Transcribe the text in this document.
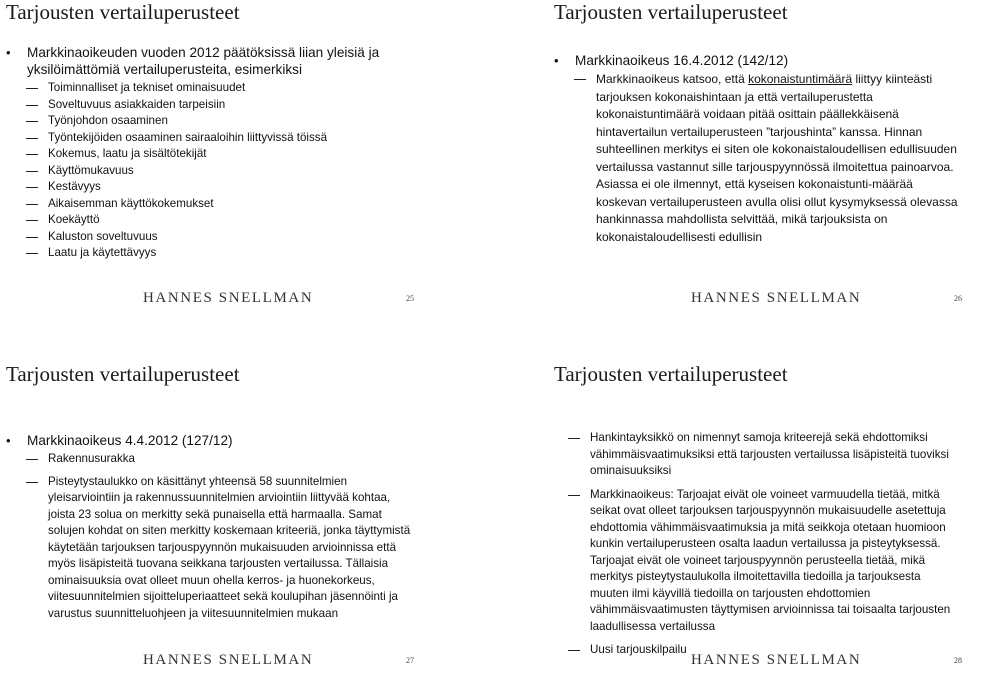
Tarjousten vertailuperusteet
• Markkinaoikeuden vuoden 2012 päätöksissä liian yleisiä ja yksilöimättömiä vertailuperusteita, esimerkiksi
Toiminnalliset ja tekniset ominaisuudet
Soveltuvuus asiakkaiden tarpeisiin
Työnjohdon osaaminen
Työntekijöiden osaaminen sairaaloihin liittyvissä töissä
Kokemus, laatu ja sisältötekijät
Käyttömukavuus
Kestävyys
Aikaisemman käyttökokemukset
Koekäyttö
Kaluston soveltuvuus
Laatu ja käytettävyys
HANNES SNELLMAN	25
Tarjousten vertailuperusteet
• Markkinaoikeus 16.4.2012 (142/12)
Markkinaoikeus katsoo, että kokonaistuntimäärä liittyy kiinteästi tarjouksen kokonaishintaan ja että vertailuperustetta kokonaistuntimäärä voidaan pitää osittain päällekkäisenä hintavertailun vertailuperusteen ”tarjoushinta” kanssa. Hinnan suhteellinen merkitys ei siten ole kokonaistaloudellisen edullisuuden vertailussa vastannut sille tarjouspyynnössä ilmoitettua painoarvoa. Asiassa ei ole ilmennyt, että kyseisen kokonaistunti-määrää koskevan vertailuperusteen avulla olisi ollut kysymyksessä olevassa hankinnassa mahdollista selvittää, mikä tarjouksista on kokonaistaloudellisesti edullisin
HANNES SNELLMAN	26
Tarjousten vertailuperusteet
• Markkinaoikeus 4.4.2012 (127/12)
Rakennusurakka
Pisteytystaulukko on käsittänyt yhteensä 58 suunnitelmien yleisarviointiin ja rakennussuunnitelmien arviointiin liittyvää kohtaa, joista 23 solua on merkitty sekä punaisella että harmaalla. Samat solujen kohdat on siten merkitty koskemaan kriteeriä, jonka täyttymistä käytetään tarjouksen tarjouspyynnön mukaisuuden arvioinnissa että myös lisäpisteitä tuovana seikkana tarjousten vertailussa. Tällaisia ominaisuuksia ovat olleet muun ohella kerros- ja huonekorkeus, viitesuunnitelmien sijoitteluperiaatteet sekä koulupihan jäsennöinti ja varustus suunnitteluohjeen ja viitesuunnitelmien mukaan
HANNES SNELLMAN	27
Tarjousten vertailuperusteet
Hankintayksikkö on nimennyt samoja kriteerejä sekä ehdottomiksi vähimmäisvaatimuksiksi että tarjousten vertailussa lisäpisteitä tuoviksi ominaisuuksiksi
Markkinaoikeus: Tarjoajat eivät ole voineet varmuudella tietää, mitkä seikat ovat olleet tarjouksen tarjouspyynnön mukaisuudelle asetettuja ehdottomia vähimmäisvaatimuksia ja mitä seikkoja otetaan huomioon kunkin vertailuperusteen osalta laadun vertailussa ja pisteytyksessä. Tarjoajat eivät ole voineet tarjouspyynnön perusteella tietää, mikä merkitys pisteytystaulukolla ilmoitettavilla tiedoilla ja tarjouksesta muuten ilmi käyvillä tiedoilla on tarjousten ehdottomien vähimmäisvaatimusten täyttymisen arvioinnissa tai toisaalta tarjousten laadullisessa vertailussa
Uusi tarjouskilpailu
HANNES SNELLMAN	28
